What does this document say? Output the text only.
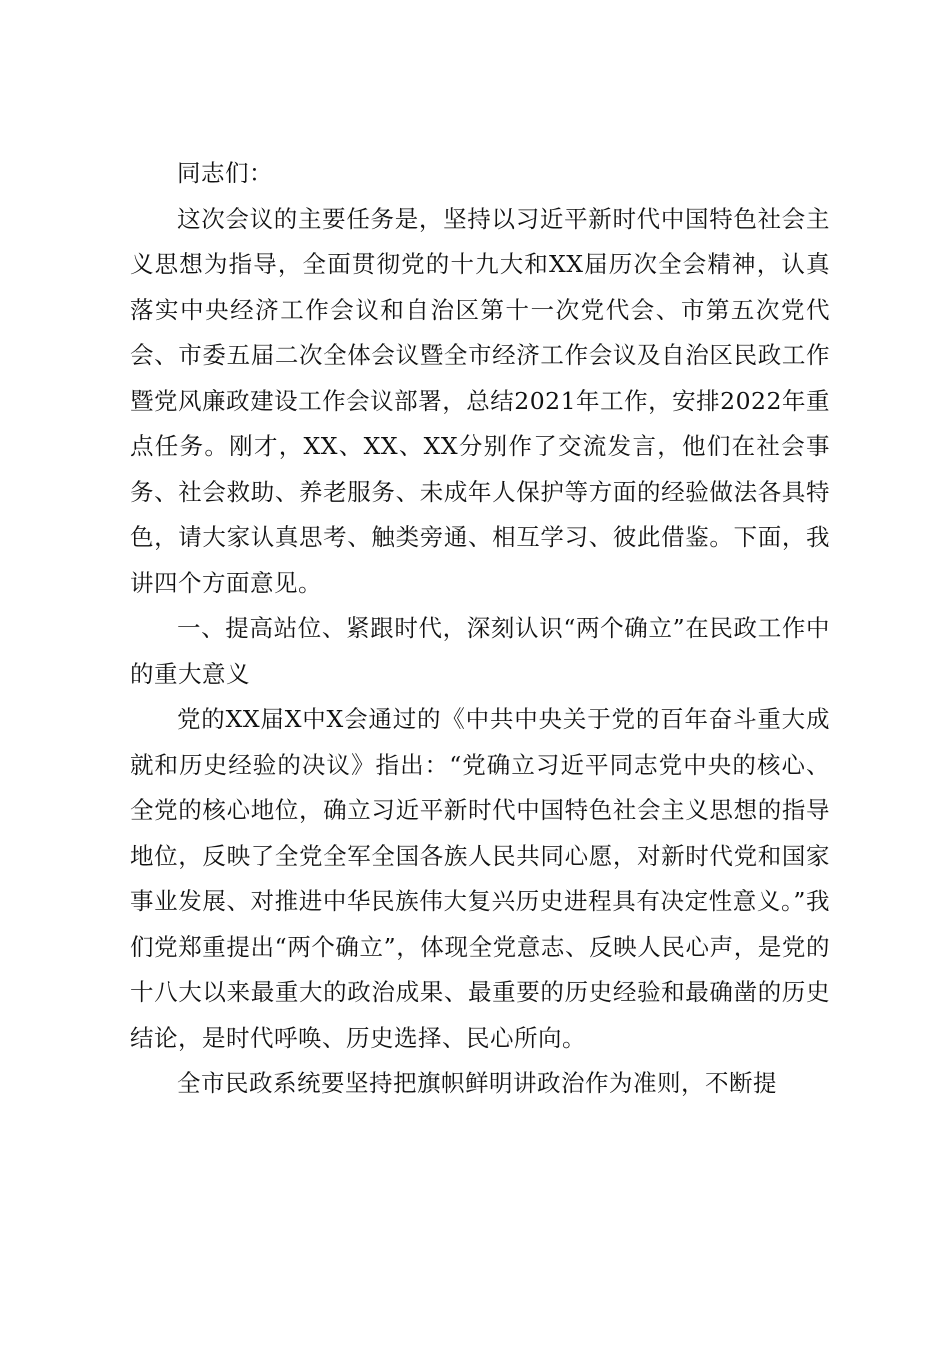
同志们：

这次会议的主要任务是，坚持以习近平新时代中国特色社会主义思想为指导，全面贯彻党的十九大和XX届历次全会精神，认真落实中央经济工作会议和自治区第十一次党代会、市第五次党代会、市委五届二次全体会议暨全市经济工作会议及自治区民政工作暨党风廉政建设工作会议部署，总结2021年工作，安排2022年重点任务。刚才，XX、XX、XX分别作了交流发言，他们在社会事务、社会救助、养老服务、未成年人保护等方面的经验做法各具特色，请大家认真思考、触类旁通、相互学习、彼此借鉴。下面，我讲四个方面意见。

一、提高站位、紧跟时代，深刻认识“两个确立”在民政工作中的重大意义

党的XX届X中X会通过的《中共中央关于党的百年奋斗重大成就和历史经验的决议》指出：“党确立习近平同志党中央的核心、全党的核心地位，确立习近平新时代中国特色社会主义思想的指导地位，反映了全党全军全国各族人民共同心愿，对新时代党和国家事业发展、对推进中华民族伟大复兴历史进程具有决定性意义。”我们党郑重提出“两个确立”，体现全党意志、反映人民心声，是党的十八大以来最重大的政治成果、最重要的历史经验和最确凿的历史结论，是时代呼唤、历史选择、民心所向。

全市民政系统要坚持把旗帜鲜明讲政治作为准则，不断提
